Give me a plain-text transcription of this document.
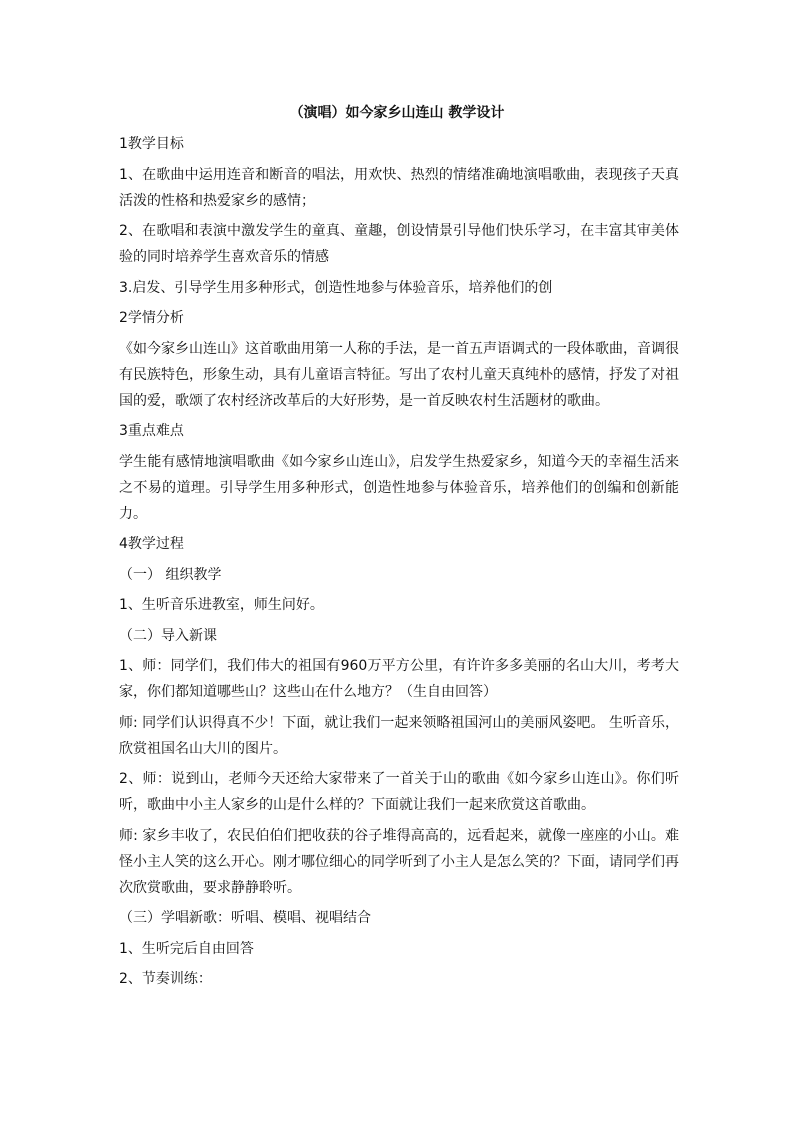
（演唱）如今家乡山连山 教学设计
1教学目标
1、在歌曲中运用连音和断音的唱法，用欢快、热烈的情绪准确地演唱歌曲，表现孩子天真活泼的性格和热爱家乡的感情；
2、在歌唱和表演中激发学生的童真、童趣，创设情景引导他们快乐学习，在丰富其审美体验的同时培养学生喜欢音乐的情感
3.启发、引导学生用多种形式，创造性地参与体验音乐，培养他们的创
2学情分析
《如今家乡山连山》这首歌曲用第一人称的手法，是一首五声语调式的一段体歌曲，音调很有民族特色，形象生动，具有儿童语言特征。写出了农村儿童天真纯朴的感情，抒发了对祖国的爱，歌颂了农村经济改革后的大好形势，是一首反映农村生活题材的歌曲。
3重点难点
学生能有感情地演唱歌曲《如今家乡山连山》，启发学生热爱家乡，知道今天的幸福生活来之不易的道理。引导学生用多种形式，创造性地参与体验音乐，培养他们的创编和创新能力。
4教学过程
（一） 组织教学
1、生听音乐进教室，师生问好。
（二）导入新课
1、师：同学们，我们伟大的祖国有960万平方公里，有许许多多美丽的名山大川，考考大家，你们都知道哪些山？这些山在什么地方？（生自由回答）
师: 同学们认识得真不少！下面，就让我们一起来领略祖国河山的美丽风姿吧。 生听音乐，欣赏祖国名山大川的图片。
2、师：说到山，老师今天还给大家带来了一首关于山的歌曲《如今家乡山连山》。你们听听，歌曲中小主人家乡的山是什么样的？下面就让我们一起来欣赏这首歌曲。
师: 家乡丰收了，农民伯伯们把收获的谷子堆得高高的，远看起来，就像一座座的小山。难怪小主人笑的这么开心。刚才哪位细心的同学听到了小主人是怎么笑的？下面，请同学们再次欣赏歌曲，要求静静聆听。
（三）学唱新歌：听唱、模唱、视唱结合
1、生听完后自由回答
2、节奏训练：
